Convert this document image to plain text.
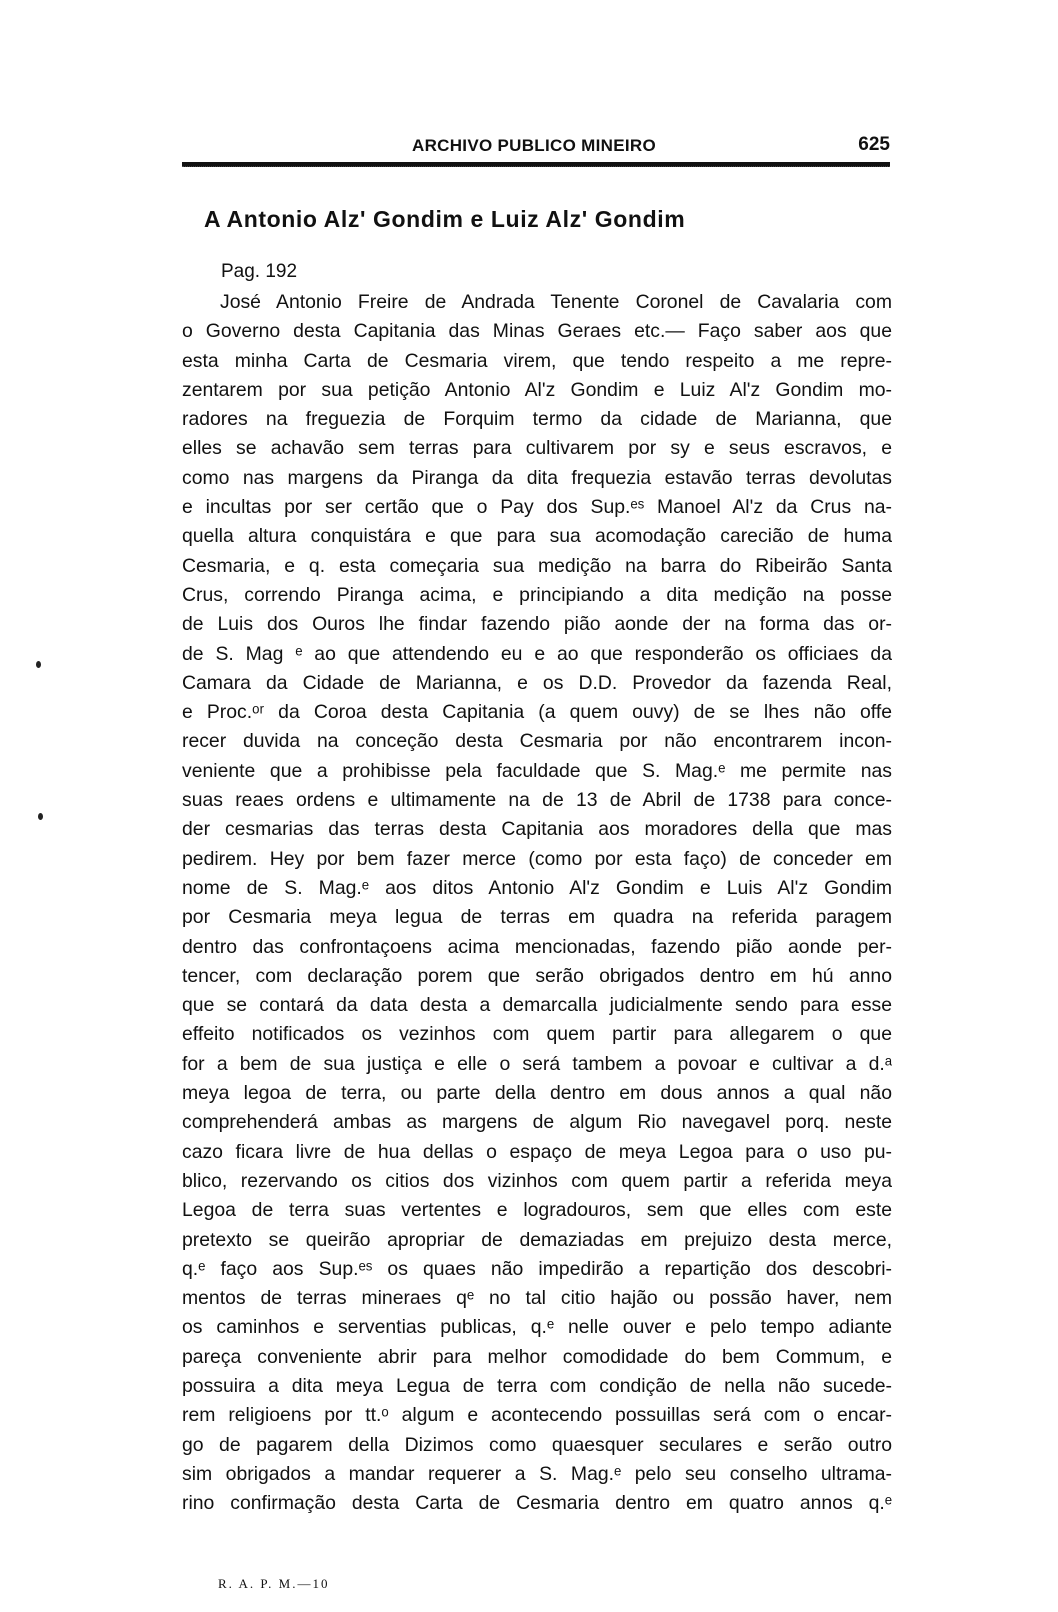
ARCHIVO PUBLICO MINEIRO	625
A Antonio Alz' Gondim e Luiz Alz' Gondim
Pag. 192
José Antonio Freire de Andrada Tenente Coronel de Cavalaria com
o Governo desta Capitania das Minas Geraes etc.— Faço saber aos que
esta minha Carta de Cesmaria virem, que tendo respeito a me repre-
zentarem por sua petição Antonio Al'z Gondim e Luiz Al'z Gondim mo-
radores na freguezia de Forquim termo da cidade de Marianna, que
elles se achavão sem terras para cultivarem por sy e seus escravos, e
como nas margens da Piranga da dita frequezia estavão terras devolutas
e incultas por ser certão que o Pay dos Sup.ᵉˢ Manoel Al'z da Crus na-
quella altura conquistára e que para sua acomodação carecião de huma
Cesmaria, e q. esta começaria sua medição na barra do Ribeirão Santa
Crus, correndo Piranga acima, e principiando a dita medição na posse
de Luis dos Ouros lhe findar fazendo pião aonde der na forma das or-
de S. Mag ᵉ ao que attendendo eu e ao que responderão os officiaes da
Camara da Cidade de Marianna, e os D.D. Provedor da fazenda Real,
e Proc.ᵒʳ da Coroa desta Capitania (a quem ouvy) de se lhes não offe
recer duvida na conceção desta Cesmaria por não encontrarem incon-
veniente que a prohibisse pela faculdade que S. Mag.ᵉ me permite nas
suas reaes ordens e ultimamente na de 13 de Abril de 1738 para conce-
der cesmarias das terras desta Capitania aos moradores della que mas
pedirem. Hey por bem fazer merce (como por esta faço) de conceder em
nome de S. Mag.ᵉ aos ditos Antonio Al'z Gondim e Luis Al'z Gondim
por Cesmaria meya legua de terras em quadra na referida paragem
dentro das confrontaçoens acima mencionadas, fazendo pião aonde per-
tencer, com declaração porem que serão obrigados dentro em hú anno
que se contará da data desta a demarcalla judicialmente sendo para esse
effeito notificados os vezinhos com quem partir para allegarem o que
for a bem de sua justiça e elle o será tambem a povoar e cultivar a d.ᵃ
meya legoa de terra, ou parte della dentro em dous annos a qual não
comprehenderá ambas as margens de algum Rio navegavel porq. neste
cazo ficara livre de hua dellas o espaço de meya Legoa para o uso pu-
blico, rezervando os citios dos vizinhos com quem partir a referida meya
Legoa de terra suas vertentes e logradouros, sem que elles com este
pretexto se queirão apropriar de demaziadas em prejuizo desta merce,
q.ᵉ faço aos Sup.ᵉˢ os quaes não impedirão a repartição dos descobri-
mentos de terras mineraes qᵉ no tal citio hajão ou possão haver, nem
os caminhos e serventias publicas, q.ᵉ nelle ouver e pelo tempo adiante
pareça conveniente abrir para melhor comodidade do bem Commum, e
possuira a dita meya Legua de terra com condição de nella não sucede-
rem religioens por tt.ᵒ algum e acontecendo possuillas será com o encar-
go de pagarem della Dizimos como quaesquer seculares e serão outro
sim obrigados a mandar requerer a S. Mag.ᵉ pelo seu conselho ultrama-
rino confirmação desta Carta de Cesmaria dentro em quatro annos q.ᵉ
R. A. P. M.—10
